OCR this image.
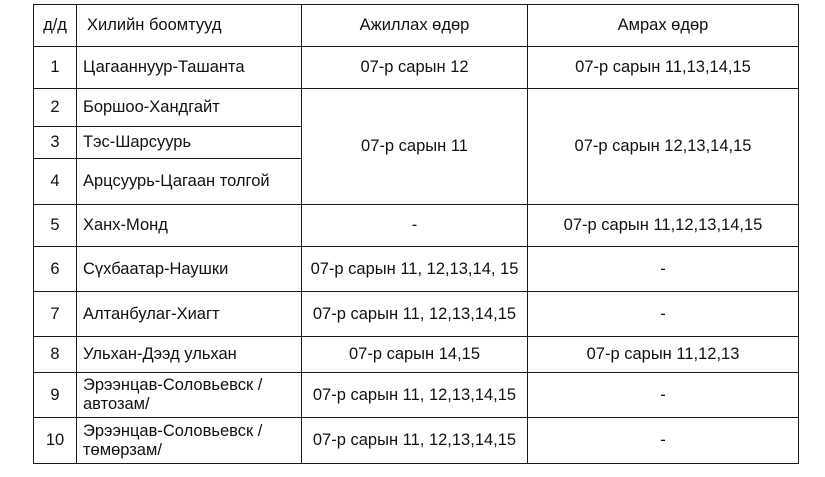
д/д	Хилийн боомтууд	Ажиллах өдөр	Амрах өдөр
1	Цагааннуур-Ташанта	07-р сарын 12	07-р сарын 11,13,14,15
2	Боршоо-Хандгайт	07-р сарын 11	07-р сарын 12,13,14,15
3	Тэс-Шарсуурь		
4	Арцсуурь-Цагаан толгой		
5	Ханх-Монд	-	07-р сарын 11,12,13,14,15
6	Сүхбаатар-Наушки	07-р сарын 11, 12,13,14, 15	-
7	Алтанбулаг-Хиагт	07-р сарын 11, 12,13,14,15	-
8	Ульхан-Дээд ульхан	07-р сарын 14,15	07-р сарын 11,12,13
9	Эрээнцав-Соловьевск /автозам/	07-р сарын 11, 12,13,14,15	-
10	Эрээнцав-Соловьевск /төмөрзам/	07-р сарын 11, 12,13,14,15	-
